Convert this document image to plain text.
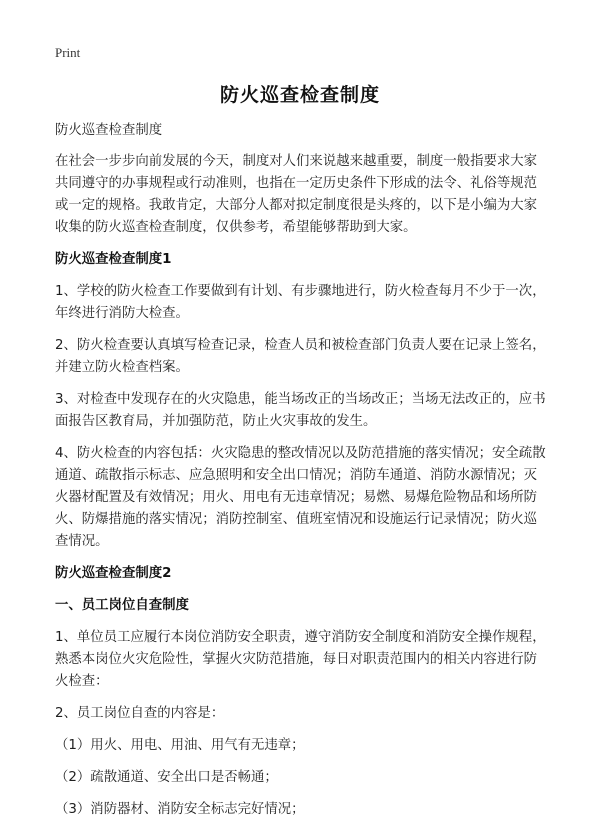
Print
防火巡查检查制度

防火巡查检查制度

在社会一步步向前发展的今天，制度对人们来说越来越重要，制度一般指要求大家共同遵守的办事规程或行动准则，也指在一定历史条件下形成的法令、礼俗等规范或一定的规格。我敢肯定，大部分人都对拟定制度很是头疼的，以下是小编为大家收集的防火巡查检查制度，仅供参考，希望能够帮助到大家。

防火巡查检查制度1

1、学校的防火检查工作要做到有计划、有步骤地进行，防火检查每月不少于一次，年终进行消防大检查。

2、防火检查要认真填写检查记录，检查人员和被检查部门负责人要在记录上签名，并建立防火检查档案。

3、对检查中发现存在的火灾隐患，能当场改正的当场改正；当场无法改正的，应书面报告区教育局，并加强防范，防止火灾事故的发生。

4、防火检查的内容包括：火灾隐患的整改情况以及防范措施的落实情况；安全疏散通道、疏散指示标志、应急照明和安全出口情况；消防车通道、消防水源情况；灭火器材配置及有效情况；用火、用电有无违章情况；易燃、易爆危险物品和场所防火、防爆措施的落实情况；消防控制室、值班室情况和设施运行记录情况；防火巡查情况。

防火巡查检查制度2

一、员工岗位自查制度

1、单位员工应履行本岗位消防安全职责，遵守消防安全制度和消防安全操作规程，熟悉本岗位火灾危险性，掌握火灾防范措施，每日对职责范围内的相关内容进行防火检查：

2、员工岗位自查的内容是：

（1）用火、用电、用油、用气有无违章；

（2）疏散通道、安全出口是否畅通；

（3）消防器材、消防安全标志完好情况；
